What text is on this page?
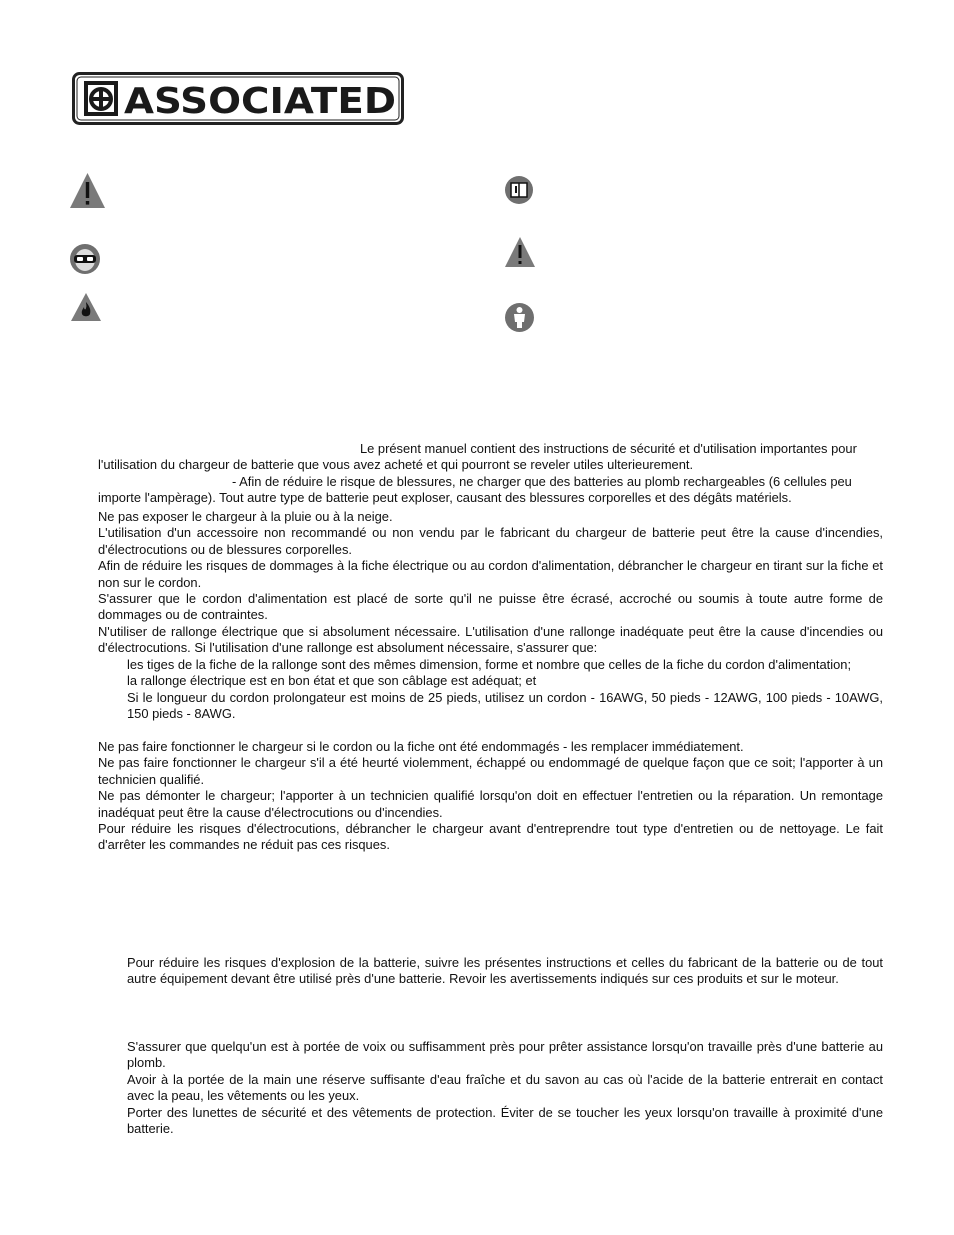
ASSOCIATED
Le présent manuel contient des instructions de sécurité et d'utilisation importantes pour
l'utilisation du chargeur de batterie que vous avez acheté et qui pourront se reveler utiles ulterieurement.
- Afin de réduire le risque de blessures, ne charger que des batteries au plomb rechargeables (6 cellules peu
importe l'ampèrage). Tout autre type de batterie peut exploser, causant des blessures corporelles et des dégâts matériels.
Ne pas exposer le chargeur à la pluie ou à la neige.
L'utilisation d'un accessoire non recommandé ou non vendu par le fabricant du chargeur de batterie peut être la cause d'incendies, d'électrocutions ou de blessures corporelles.
Afin de réduire les risques de dommages à la fiche électrique ou au cordon d'alimentation, débrancher le chargeur en tirant sur la fiche et non sur le cordon.
S'assurer que le cordon d'alimentation est placé de sorte qu'il ne puisse être écrasé, accroché ou soumis à toute autre forme de dommages ou de contraintes.
N'utiliser de rallonge électrique que si absolument nécessaire. L'utilisation d'une rallonge inadéquate peut être la cause d'incendies ou d'électrocutions. Si l'utilisation d'une rallonge est absolument nécessaire, s'assurer que:
les tiges de la fiche de la rallonge sont des mêmes dimension, forme et nombre que celles de la fiche du cordon d'alimentation;
la rallonge électrique est en bon état et que son câblage est adéquat; et
Si le longueur du cordon prolongateur est moins de 25 pieds, utilisez un cordon - 16AWG, 50 pieds - 12AWG, 100 pieds - 10AWG, 150 pieds - 8AWG.
Ne pas faire fonctionner le chargeur si le cordon ou la fiche ont été endommagés - les remplacer immédiatement.
Ne pas faire fonctionner le chargeur s'il a été heurté violemment, échappé ou endommagé de quelque façon que ce soit; l'apporter à un technicien qualifié.
Ne pas démonter le chargeur; l'apporter à un technicien qualifié lorsqu'on doit en effectuer l'entretien ou la réparation. Un remontage inadéquat peut être la cause d'électrocutions ou d'incendies.
Pour réduire les risques d'électrocutions, débrancher le chargeur avant d'entreprendre tout type d'entretien ou de nettoyage. Le fait d'arrêter les commandes ne réduit pas ces risques.
Pour réduire les risques d'explosion de la batterie, suivre les présentes instructions et celles du fabricant de la batterie ou de tout autre équipement devant être utilisé près d'une batterie. Revoir les avertissements indiqués sur ces produits et sur le moteur.
S'assurer que quelqu'un est à portée de voix ou suffisamment près pour prêter assistance lorsqu'on travaille près d'une batterie au plomb.
Avoir à la portée de la main une réserve suffisante d'eau fraîche et du savon au cas où l'acide de la batterie entrerait en contact avec la peau, les vêtements ou les yeux.
Porter des lunettes de sécurité et des vêtements de protection. Éviter de se toucher les yeux lorsqu'on travaille à proximité d'une batterie.
